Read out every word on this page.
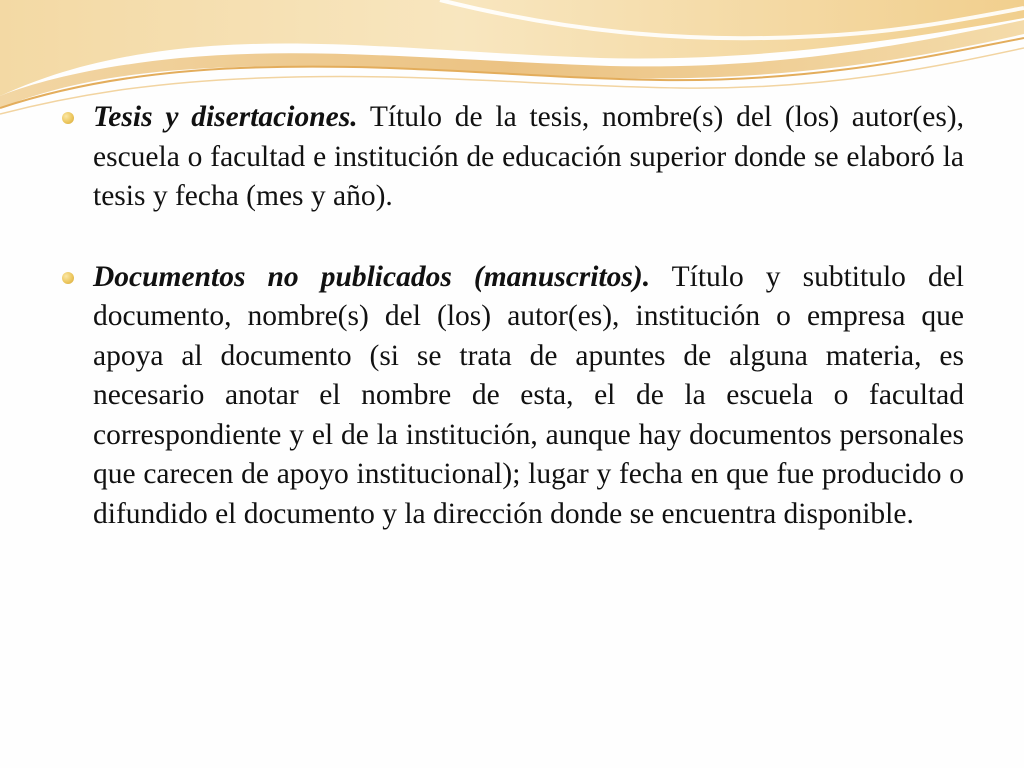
Tesis y disertaciones. Título de la tesis, nombre(s) del (los) autor(es), escuela o facultad e institución de educación superior donde se elaboró la tesis y fecha (mes y año).

Documentos no publicados (manuscritos). Título y subtitulo del documento, nombre(s) del (los) autor(es), institución o empresa que apoya al documento (si se trata de apuntes de alguna materia, es necesario anotar el nombre de esta, el de la escuela o facultad correspondiente y el de la institución, aunque hay documentos personales que carecen de apoyo institucional); lugar y fecha en que fue producido o difundido el documento y la dirección donde se encuentra disponible.
